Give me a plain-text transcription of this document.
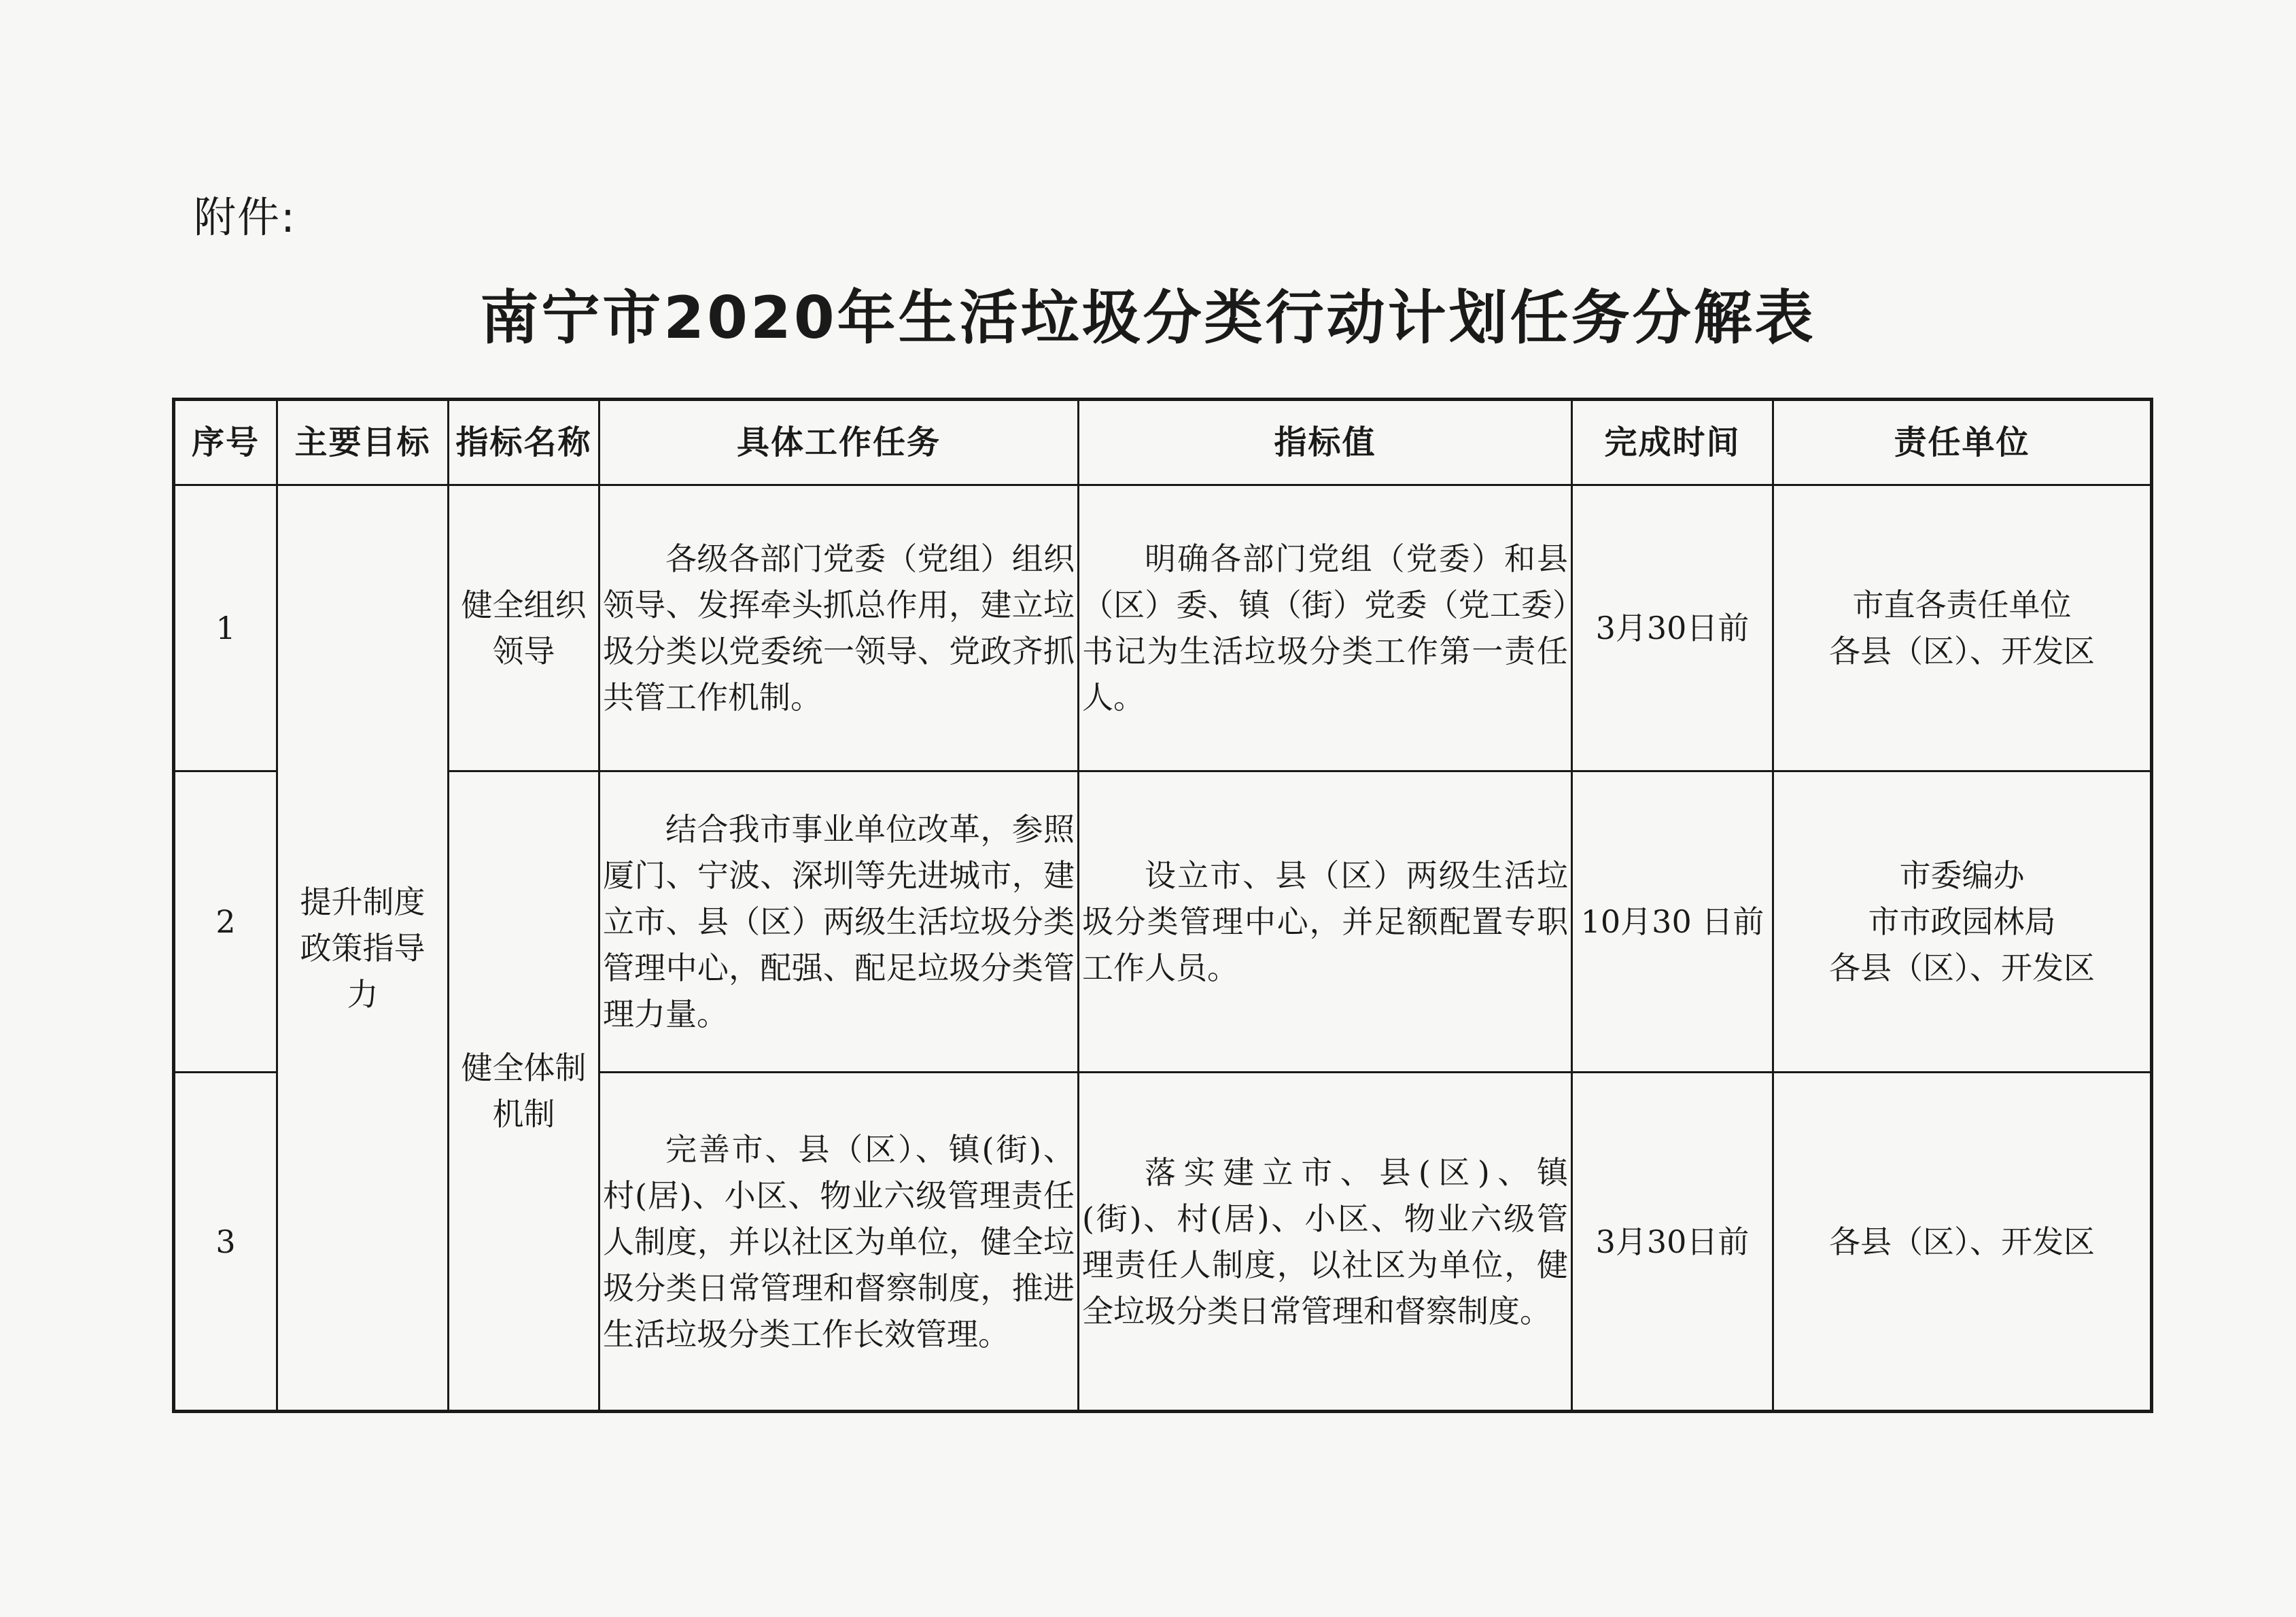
附件:
南宁市2020年生活垃圾分类行动计划任务分解表
序号	主要目标	指标名称	具体工作任务	指标值	完成时间	责任单位
1	提升制度政策指导力	健全组织领导	各级各部门党委（党组）组织领导、发挥牵头抓总作用，建立垃圾分类以党委统一领导、党政齐抓共管工作机制。	明确各部门党组（党委）和县（区）委、镇（街）党委（党工委）书记为生活垃圾分类工作第一责任人。	3月30日前	市直各责任单位
各县（区）、开发区

2		健全体制机制	结合我市事业单位改革，参照厦门、宁波、深圳等先进城市，建立市、县（区）两级生活垃圾分类管理中心，配强、配足垃圾分类管理力量。	设立市、县（区）两级生活垃圾分类管理中心，并足额配置专职工作人员。	10月30 日前	市委编办
市市政园林局
各县（区）、开发区

3			完善市、县（区）、镇(街)、村(居)、小区、物业六级管理责任人制度，并以社区为单位，健全垃圾分类日常管理和督察制度，推进生活垃圾分类工作长效管理。	落实建立市、县(区)、镇(街)、村(居)、小区、物业六级管理责任人制度，以社区为单位，健全垃圾分类日常管理和督察制度。	3月30日前	各县（区）、开发区
